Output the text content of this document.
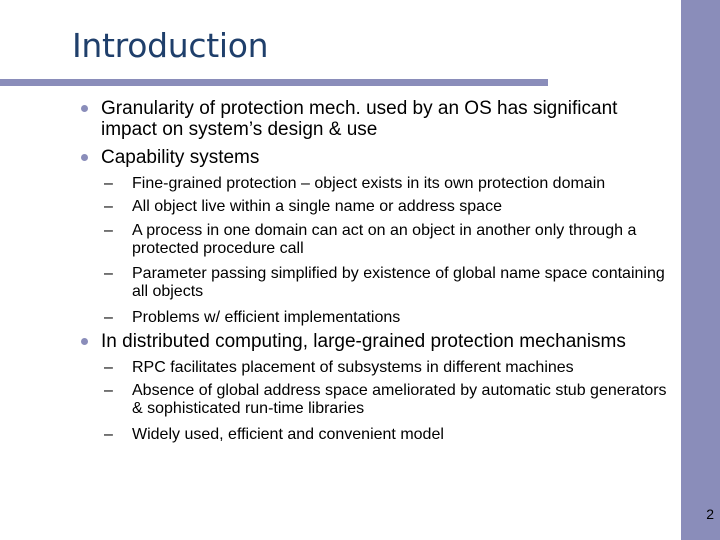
Introduction
Granularity of protection mech. used by an OS has significant impact on system’s design & use
Capability systems
– Fine-grained protection – object exists in its own protection domain
– All object live within a single name or address space
– A process in one domain can act on an object in another only through a protected procedure call
– Parameter passing simplified by existence of global name space containing all objects
– Problems w/ efficient implementations
In distributed computing, large-grained protection mechanisms
– RPC facilitates placement of subsystems in different machines
– Absence of global address space ameliorated by automatic stub generators & sophisticated run-time libraries
– Widely used, efficient and convenient model
2
